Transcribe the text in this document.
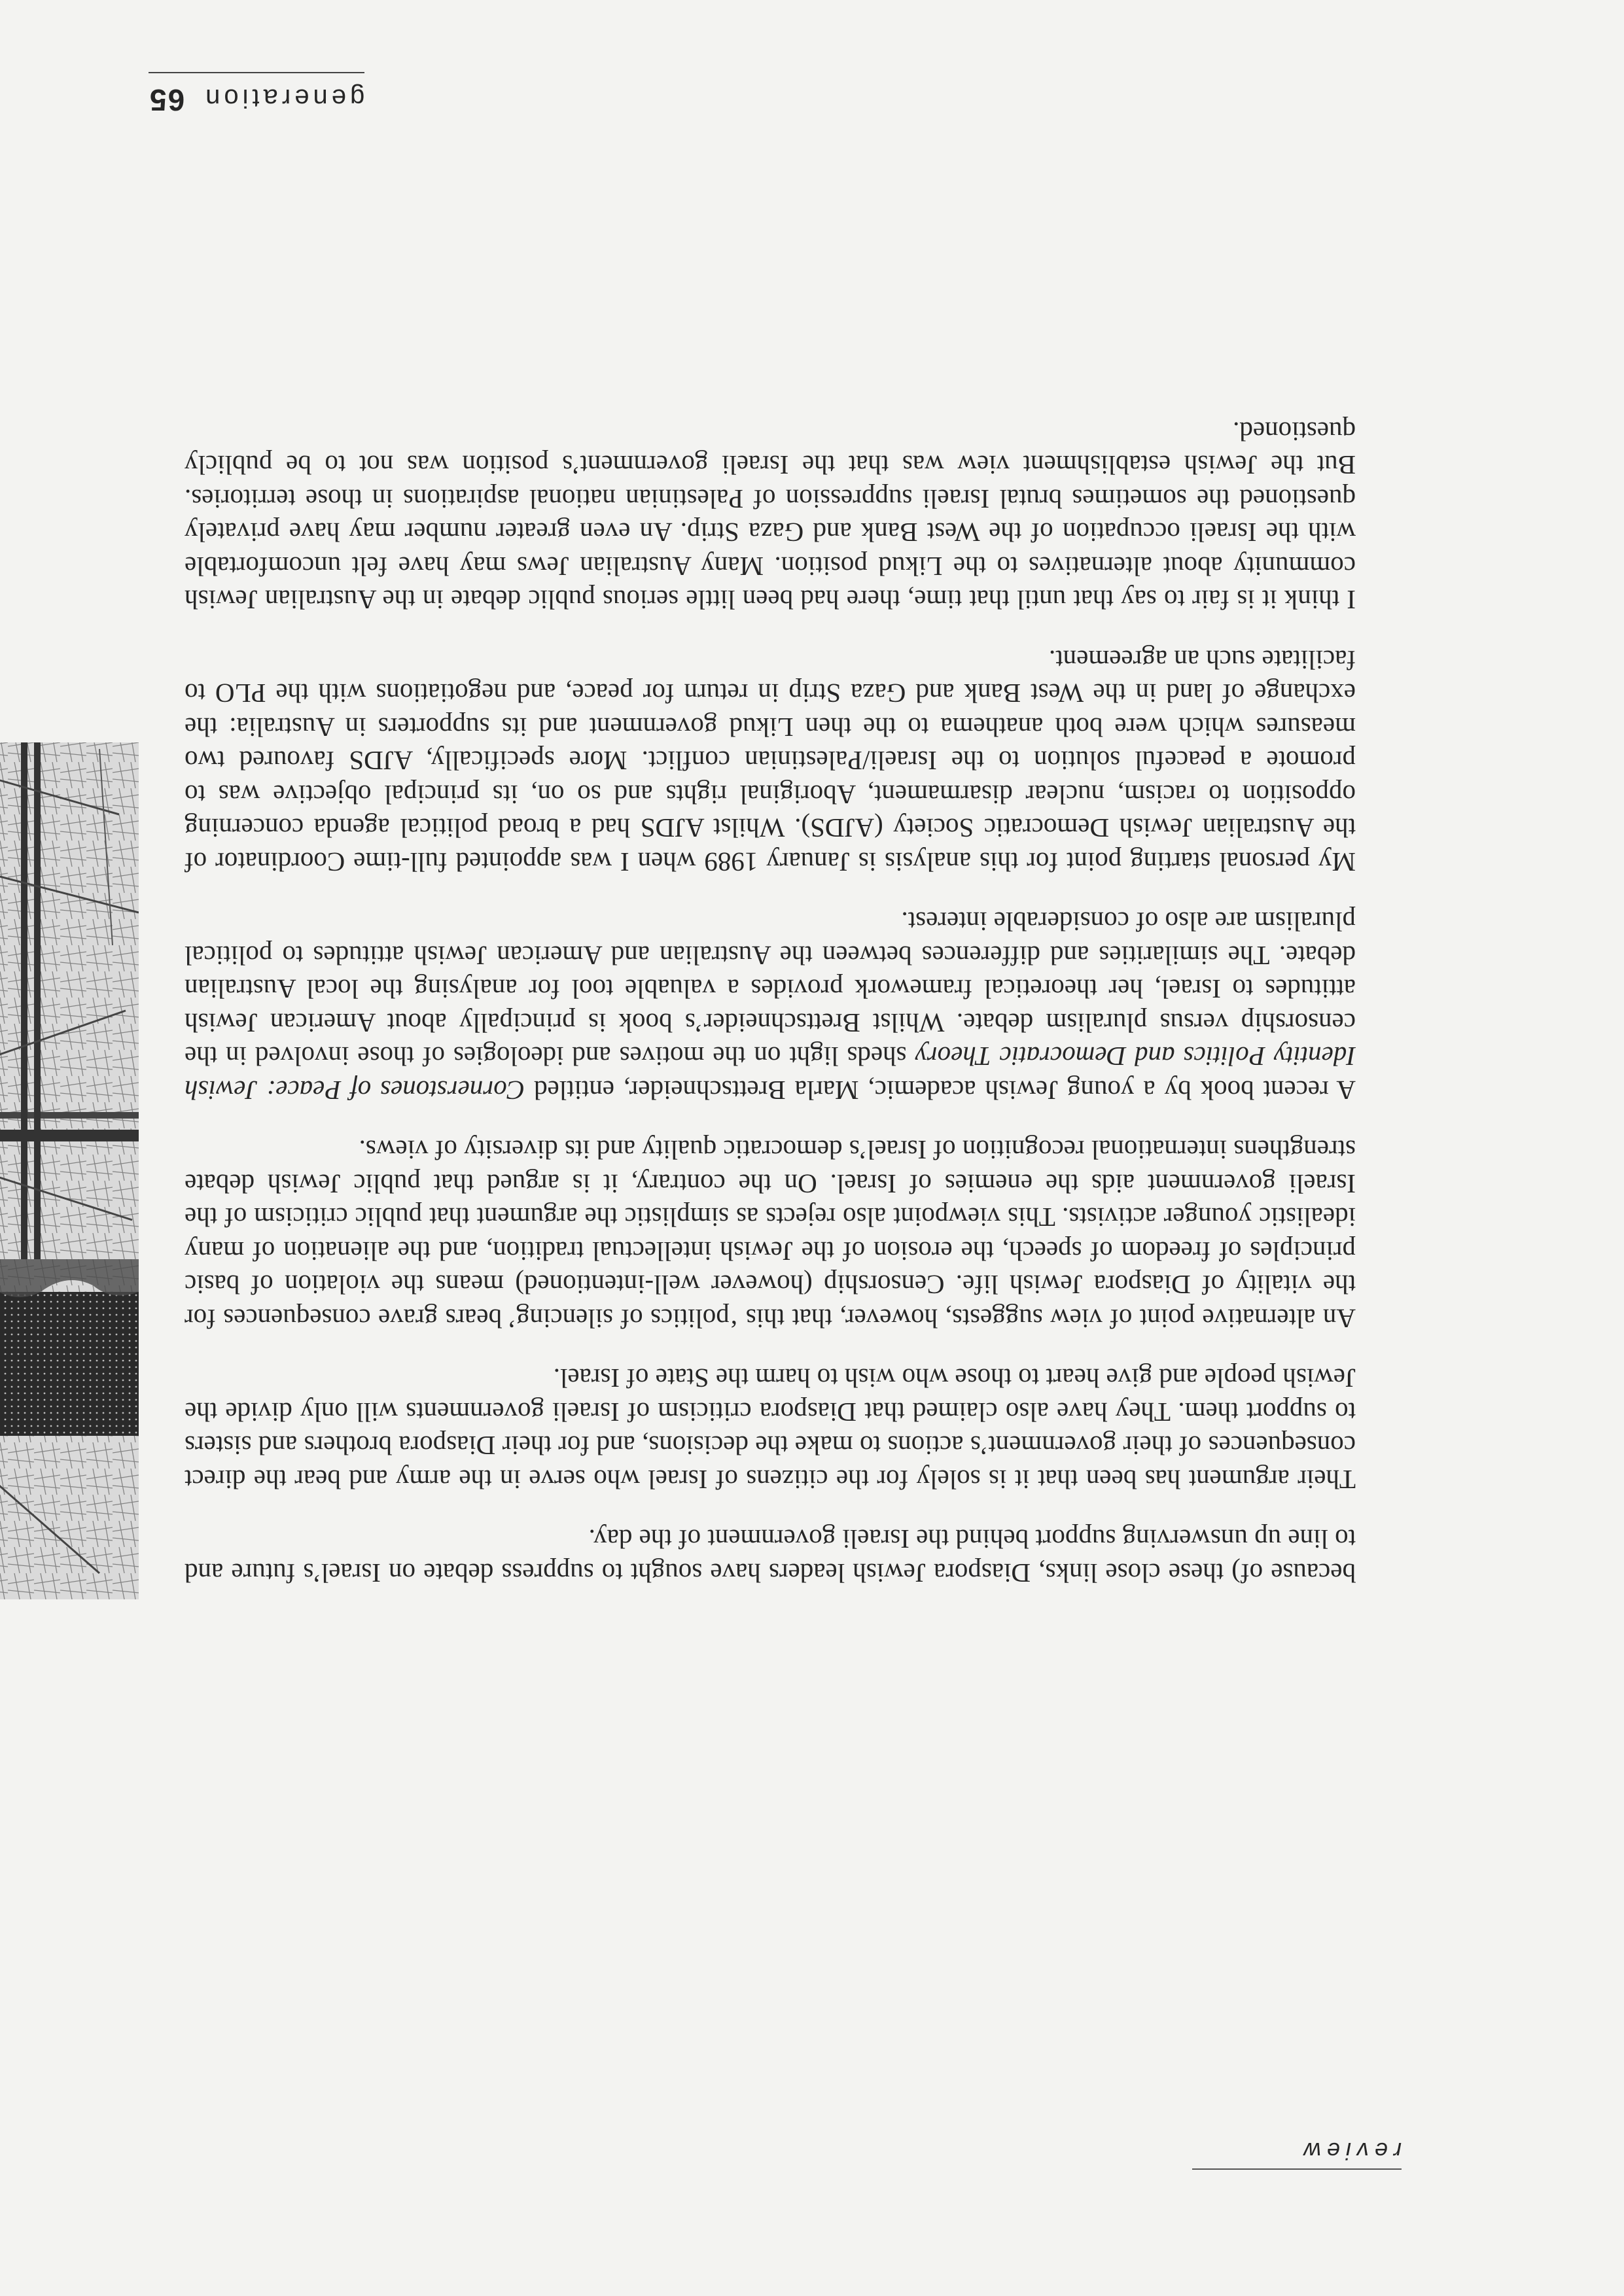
generation
65

because of) these close links, Diaspora Jewish leaders have sought to suppress debate on Israel’s future and to line up unswerving support behind the Israeli government of the day.

Their argument has been that it is solely for the citizens of Israel who serve in the army and bear the direct consequences of their government’s actions to make the decisions, and for their Diaspora brothers and sisters to support them. They have also claimed that Diaspora criticism of Israeli governments will only divide the Jewish people and give heart to those who wish to harm the State of Israel.

An alternative point of view suggests, however, that this ‘politics of silencing’ bears grave consequences for the vitality of Diaspora Jewish life. Censorship (however well-intentioned) means the violation of basic principles of freedom of speech, the erosion of the Jewish intellectual tradition, and the alienation of many idealistic younger activists. This viewpoint also rejects as simplistic the argument that public criticism of the Israeli government aids the enemies of Israel. On the contrary, it is argued that public Jewish debate strengthens international recognition of Israel’s democratic quality and its diversity of views.

A recent book by a young Jewish academic, Marla Brettschneider, entitled Cornerstones of Peace: Jewish Identity Politics and Democratic Theory sheds light on the motives and ideologies of those involved in the censorship versus pluralism debate. Whilst Brettschneider’s book is principally about American Jewish attitudes to Israel, her theoretical framework provides a valuable tool for analysing the local Australian debate. The similarities and differences between the Australian and American Jewish attitudes to political pluralism are also of considerable interest.

My personal starting point for this analysis is January 1989 when I was appointed full-time Coordinator of the Australian Jewish Democratic Society (AJDS). Whilst AJDS had a broad political agenda concerning opposition to racism, nuclear disarmament, Aboriginal rights and so on, its principal objective was to promote a peaceful solution to the Israeli/Palestinian conflict. More specifically, AJDS favoured two measures which were both anathema to the then Likud government and its supporters in Australia: the exchange of land in the West Bank and Gaza Strip in return for peace, and negotiations with the PLO to facilitate such an agreement.

I think it is fair to say that until that time, there had been little serious public debate in the Australian Jewish community about alternatives to the Likud position. Many Australian Jews may have felt uncomfortable with the Israeli occupation of the West Bank and Gaza Strip. An even greater number may have privately questioned the sometimes brutal Israeli suppression of Palestinian national aspirations in those territories. But the Jewish establishment view was that the Israeli government’s position was not to be publicly questioned.

review
